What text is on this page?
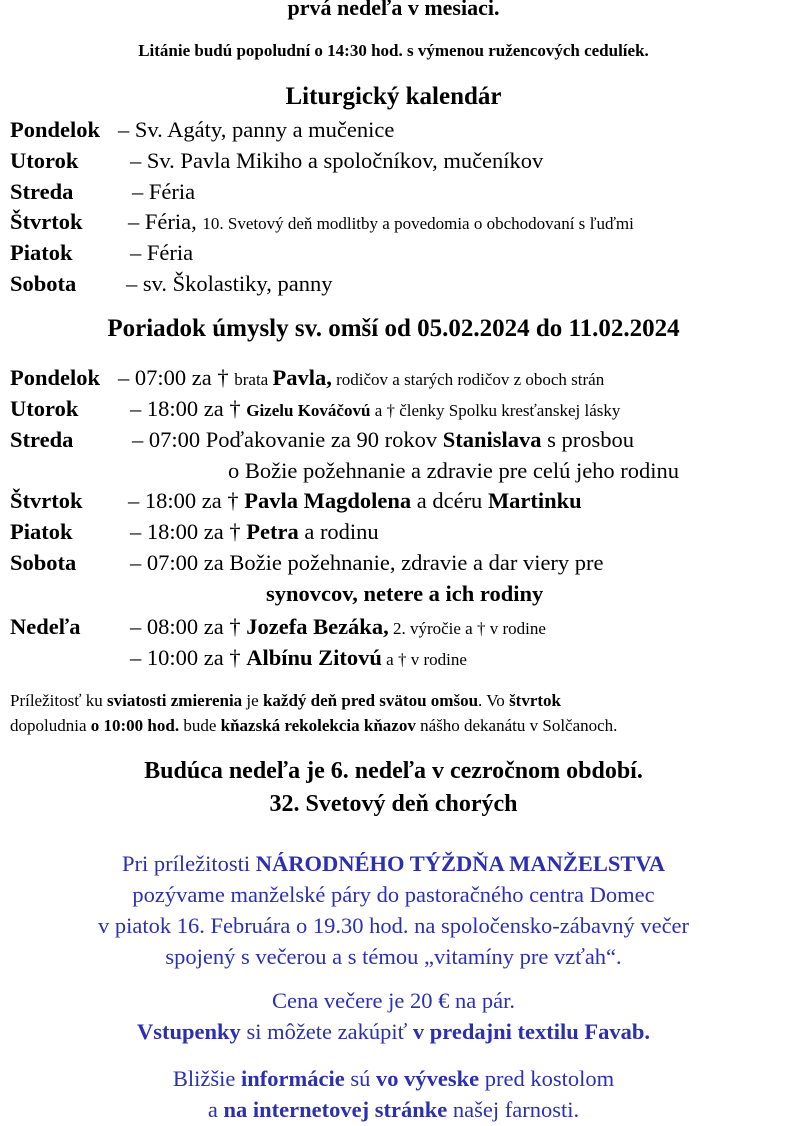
prvá nedeľa v mesiaci.
Litánie budú popoludní o 14:30 hod. s výmenou ružencových cedulíek.
Liturgický kalendár
Pondelok – Sv. Agáty, panny a mučenice
Utorok – Sv. Pavla Mikiho a spoločníkov, mučeníkov
Streda	– Féria
Štvrtok – Féria, 10. Svetový deň modlitby a povedomia o obchodovaní s ľuďmi
Piatok	– Féria
Sobota – sv. Školastiky, panny
Poriadok úmysly sv. omší od 05.02.2024 do 11.02.2024
Pondelok – 07:00 za † brata Pavla, rodičov a starých rodičov z oboch strán
Utorok – 18:00 za † Gizelu Kováčovú a † členky Spolku kresťanskej lásky
Streda	– 07:00 Poďakovanie za 90 rokov Stanislava s prosbou
o Božie požehnanie a zdravie pre celú jeho rodinu
Štvrtok – 18:00 za † Pavla Magdolena a dcéru Martinku
Piatok	– 18:00 za † Petra a rodinu
Sobota – 07:00 za Božie požehnanie, zdravie a dar viery pre
synovcov, netere a ich rodiny
Nedeľa – 08:00 za † Jozefa Bezáka, 2. výročie a † v rodine
– 10:00 za † Albínu Zitovú a † v rodine
Príležitosť ku sviatosti zmierenia je každý deň pred svätou omšou. Vo štvrtok
dopoludnia o 10:00 hod. bude kňazská rekolekcia kňazov nášho dekanátu v Solčanoch.
Budúca nedeľa je 6. nedeľa v cezročnom období.
32. Svetový deň chorých
Pri príležitosti NÁRODNÉHO TÝŽDŇA MANŽELSTVA
pozývame manželské páry do pastoračného centra Domec
v piatok 16. Februára o 19.30 hod. na spoločensko-zábavný večer
spojený s večerou a s témou „vitamíny pre vzťah“.
Cena večere je 20 € na pár.
Vstupenky si môžete zakúpiť v predajni textilu Favab.
Bližšie informácie sú vo výveske pred kostolom
a na internetovej stránke našej farnosti.
